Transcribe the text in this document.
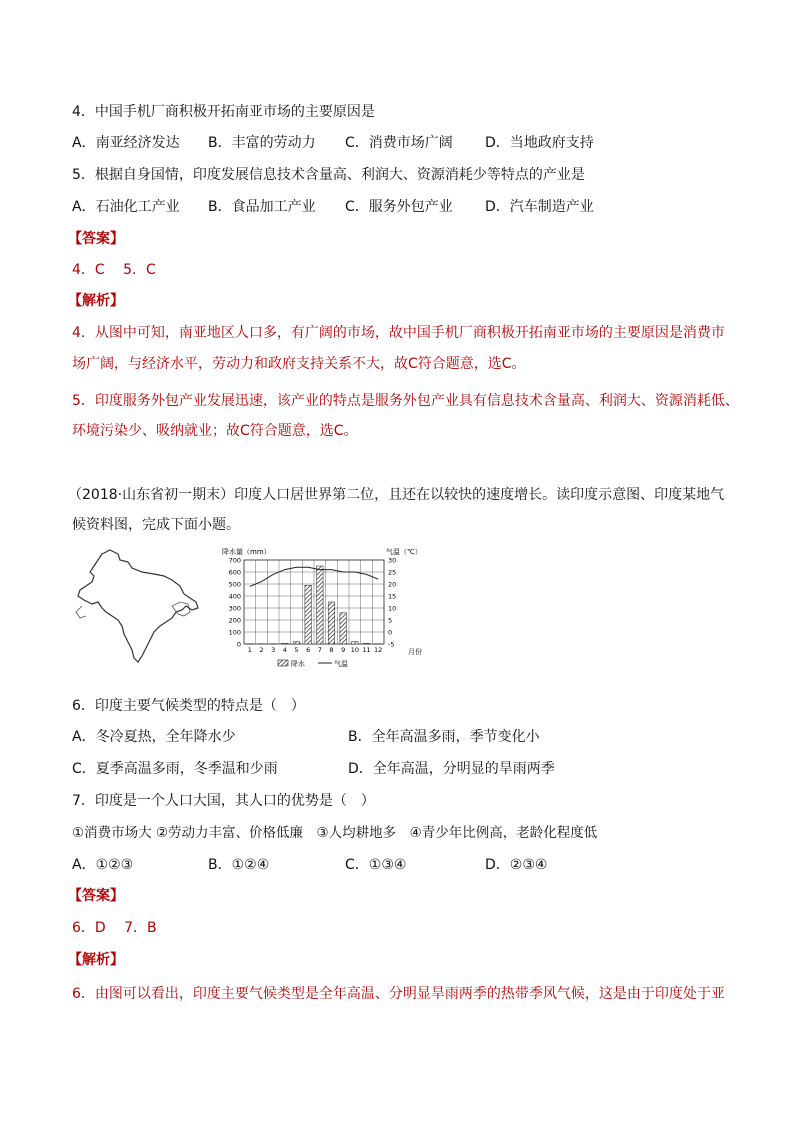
4．中国手机厂商积极开拓南亚市场的主要原因是
A．南亚经济发达 B．丰富的劳动力 C．消费市场广阔 D．当地政府支持
5．根据自身国情，印度发展信息技术含量高、利润大、资源消耗少等特点的产业是
A．石油化工产业 B．食品加工产业 C．服务外包产业 D．汽车制造产业
【答案】
4．C　 5．C
【解析】
4．从图中可知，南亚地区人口多，有广阔的市场，故中国手机厂商积极开拓南亚市场的主要原因是消费市
场广阔，与经济水平，劳动力和政府支持关系不大，故C符合题意，选C。
5．印度服务外包产业发展迅速，该产业的特点是服务外包产业具有信息技术含量高、利润大、资源消耗低、
环境污染少、吸纳就业；故C符合题意，选C。
（2018·山东省初一期末）印度人口居世界第二位，且还在以较快的速度增长。读印度示意图、印度某地气
候资料图，完成下面小题。
降水量（mm）	气温（℃）
700
600
500
400
300
200
100
0
30
25
20
15
10
5
0
-5
1 2 3 4 5 6 7 8 9 10 11 12	月份
降水	气温
6．印度主要气候类型的特点是（　）
A．冬冷夏热，全年降水少	B．全年高温多雨，季节变化小
C．夏季高温多雨，冬季温和少雨	D．全年高温，分明显的旱雨两季
7．印度是一个人口大国，其人口的优势是（　）
①消费市场大 ②劳动力丰富、价格低廉　③人均耕地多　④青少年比例高，老龄化程度低
A．①②③	B．①②④	C．①③④	D．②③④
【答案】
6．D　 7．B
【解析】
6．由图可以看出，印度主要气候类型是全年高温、分明显旱雨两季的热带季风气候，这是由于印度处于亚
